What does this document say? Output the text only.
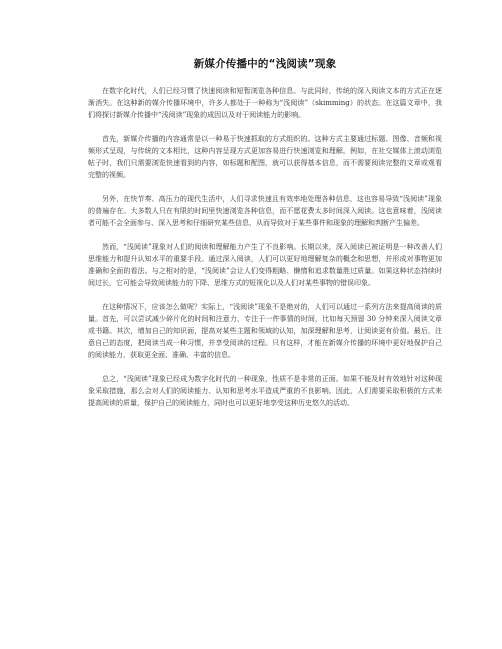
新媒介传播中的“浅阅读”现象

在数字化时代，人们已经习惯了快速阅读和短暂浏览各种信息。与此同时，传统的深入阅读文本的方式正在逐渐消失。在这种新的媒介传播环境中，许多人都处于一种称为“浅阅读”（skimming）的状态。在这篇文章中，我们将探讨新媒介传播中“浅阅读”现象的成因以及对于阅读能力的影响。

首先，新媒介传播的内容通常是以一种易于快速抓取的方式组织的。这种方式主要通过标题、图像、音频和视频形式呈现，与传统的文本相比，这种内容呈现方式更加容易进行快速浏览和理解。例如，在社交媒体上滚动浏览帖子时，我们只需要浏览快速看到的内容，如标题和配图，就可以获得基本信息，而不需要阅读完整的文章或观看完整的视频。

另外，在快节奏、高压力的现代生活中，人们寻求快速且有效率地处理各种信息，这也容易导致“浅阅读”现象的普遍存在。大多数人只在有限的时间里快速浏览各种信息，而不愿花费太多时间深入阅读。这也意味着，浅阅读者可能不会全面参与、深入思考和仔细研究某些信息，从而导致对于某些事件和现象的理解和判断产生偏差。

然而，“浅阅读”现象对人们的阅读和理解能力产生了不良影响。长期以来，深入阅读已被证明是一种改善人们思维能力和提升认知水平的重要手段。通过深入阅读，人们可以更好地理解复杂的概念和思想，并形成对事物更加准确和全面的看法。与之相对的是，“浅阅读”会让人们变得粗略、懒惰和追求数量胜过质量。如果这种状态持续时间过长，它可能会导致阅读能力的下降、思维方式的短视化以及人们对某些事物的错误印象。

在这种情况下，应该怎么做呢？实际上，“浅阅读”现象不是绝对的，人们可以通过一系列方法来提高阅读的质量。首先，可以尝试减少碎片化的时间和注意力，专注于一件事情的时间，比如每天预留 30 分钟来深入阅读文章或书籍。其次，增加自己的知识面，提高对某些主题和领域的认知，加深理解和思考，让阅读更有价值。最后，注意自己的态度，把阅读当成一种习惯，并享受阅读的过程。只有这样，才能在新媒介传播的环境中更好地保护自己的阅读能力，获取更全面、准确、丰富的信息。

总之，“浅阅读”现象已经成为数字化时代的一种现象，性质不是非常的正面。如果不能及时有效地针对这种现象采取措施，那么会对人们的阅读能力、认知和思考水平造成严重的不良影响。因此，人们需要采取积极的方式来提高阅读的质量，保护自己的阅读能力，同时也可以更好地享受这种历史悠久的活动。
